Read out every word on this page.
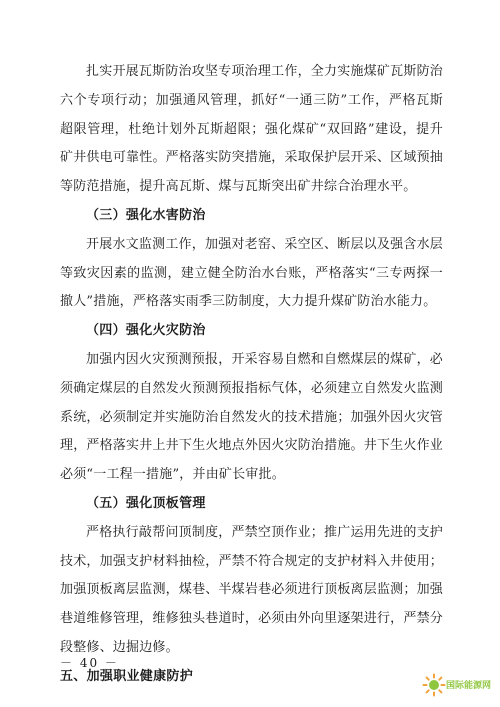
扎实开展瓦斯防治攻坚专项治理工作，全力实施煤矿瓦斯防治六个专项行动；加强通风管理，抓好“一通三防”工作，严格瓦斯超限管理，杜绝计划外瓦斯超限；强化煤矿“双回路”建设，提升矿井供电可靠性。严格落实防突措施，采取保护层开采、区域预抽等防范措施，提升高瓦斯、煤与瓦斯突出矿井综合治理水平。

（三）强化水害防治

开展水文监测工作，加强对老窑、采空区、断层以及强含水层等致灾因素的监测，建立健全防治水台账，严格落实“三专两探一撤人”措施，严格落实雨季三防制度，大力提升煤矿防治水能力。

（四）强化火灾防治

加强内因火灾预测预报，开采容易自燃和自燃煤层的煤矿，必须确定煤层的自然发火预测预报指标气体，必须建立自然发火监测系统，必须制定并实施防治自然发火的技术措施；加强外因火灾管理，严格落实井上井下生火地点外因火灾防治措施。井下生火作业必须“一工程一措施”，并由矿长审批。

（五）强化顶板管理

严格执行敲帮问顶制度，严禁空顶作业；推广运用先进的支护技术，加强支护材料抽检，严禁不符合规定的支护材料入井使用；加强顶板离层监测，煤巷、半煤岩巷必须进行顶板离层监测；加强巷道维修管理，维修独头巷道时，必须由外向里逐架进行，严禁分段整修、边掘边修。

五、加强职业健康防护

－ 40 －
国际能源网
